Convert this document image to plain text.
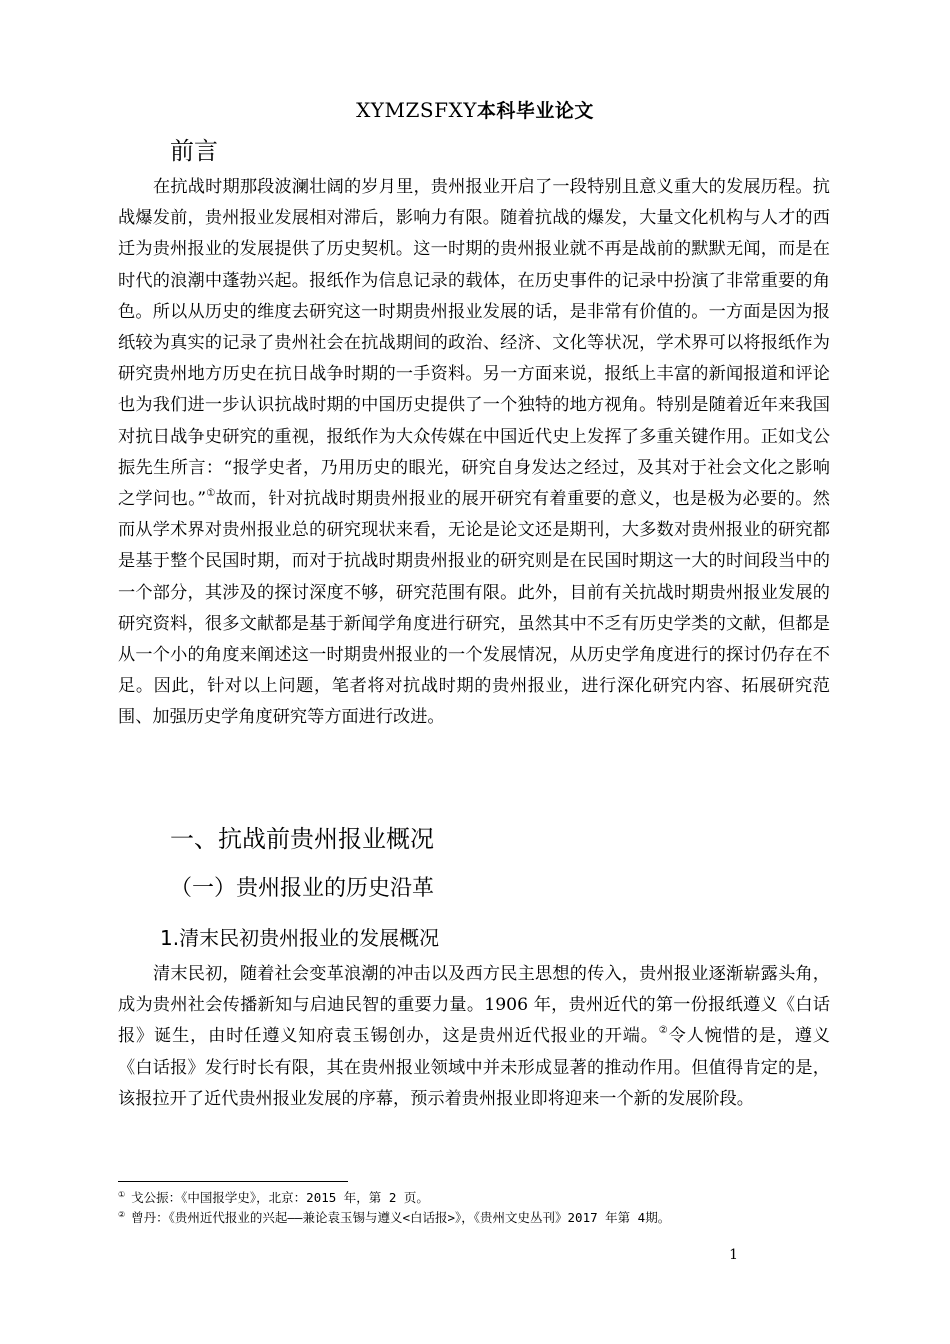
XYMZSFXY本科毕业论文
前言

在抗战时期那段波澜壮阔的岁月里，贵州报业开启了一段特别且意义重大的发展历程。抗战爆发前，贵州报业发展相对滞后，影响力有限。随着抗战的爆发，大量文化机构与人才的西迁为贵州报业的发展提供了历史契机。这一时期的贵州报业就不再是战前的默默无闻，而是在时代的浪潮中蓬勃兴起。报纸作为信息记录的载体，在历史事件的记录中扮演了非常重要的角色。所以从历史的维度去研究这一时期贵州报业发展的话，是非常有价值的。一方面是因为报纸较为真实的记录了贵州社会在抗战期间的政治、经济、文化等状况，学术界可以将报纸作为研究贵州地方历史在抗日战争时期的一手资料。另一方面来说，报纸上丰富的新闻报道和评论也为我们进一步认识抗战时期的中国历史提供了一个独特的地方视角。特别是随着近年来我国对抗日战争史研究的重视，报纸作为大众传媒在中国近代史上发挥了多重关键作用。正如戈公振先生所言：“报学史者，乃用历史的眼光，研究自身发达之经过，及其对于社会文化之影响之学问也。”①故而，针对抗战时期贵州报业的展开研究有着重要的意义，也是极为必要的。然而从学术界对贵州报业总的研究现状来看，无论是论文还是期刊，大多数对贵州报业的研究都是基于整个民国时期，而对于抗战时期贵州报业的研究则是在民国时期这一大的时间段当中的一个部分，其涉及的探讨深度不够，研究范围有限。此外，目前有关抗战时期贵州报业发展的研究资料，很多文献都是基于新闻学角度进行研究，虽然其中不乏有历史学类的文献，但都是从一个小的角度来阐述这一时期贵州报业的一个发展情况，从历史学角度进行的探讨仍存在不足。因此，针对以上问题，笔者将对抗战时期的贵州报业，进行深化研究内容、拓展研究范围、加强历史学角度研究等方面进行改进。

一、抗战前贵州报业概况
（一）贵州报业的历史沿革
1.清末民初贵州报业的发展概况

清末民初，随着社会变革浪潮的冲击以及西方民主思想的传入，贵州报业逐渐崭露头角，成为贵州社会传播新知与启迪民智的重要力量。1906 年，贵州近代的第一份报纸遵义《白话报》诞生，由时任遵义知府袁玉锡创办，这是贵州近代报业的开端。②令人惋惜的是，遵义《白话报》发行时长有限，其在贵州报业领域中并未形成显著的推动作用。但值得肯定的是，该报拉开了近代贵州报业发展的序幕，预示着贵州报业即将迎来一个新的发展阶段。

① 戈公振：《中国报学史》，北京：2015 年，第 2 页。

② 曾丹：《贵州近代报业的兴起——兼论袁玉锡与遵义<白话报>》，《贵州文史丛刊》2017 年第 4期。

1
